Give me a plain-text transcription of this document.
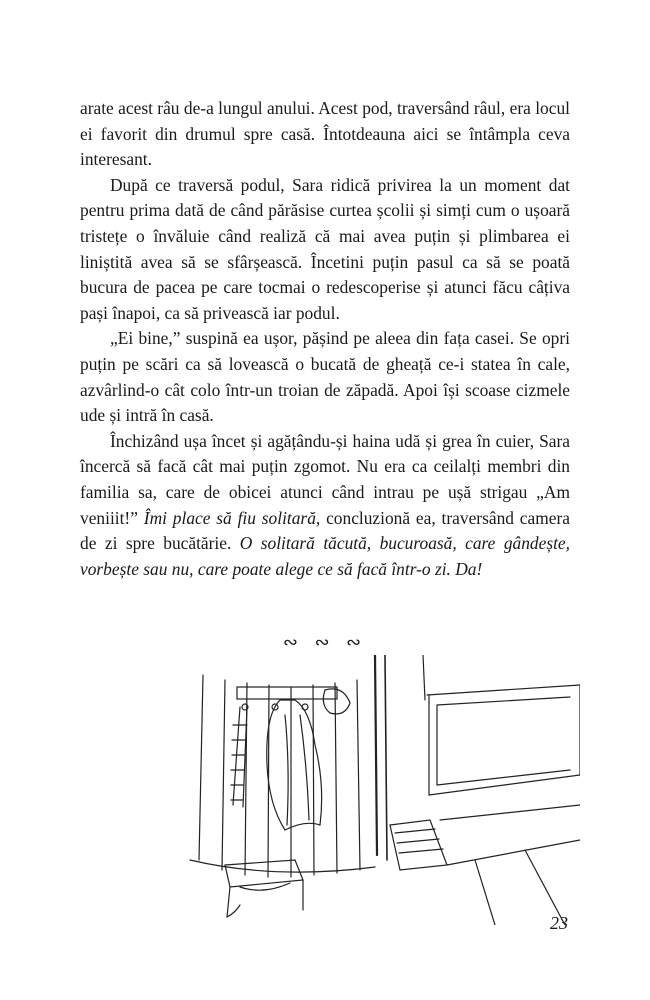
arate acest râu de-a lungul anului. Acest pod, traversând râul, era locul ei favorit din drumul spre casă. Întotdeauna aici se întâmpla ceva interesant.

După ce traversă podul, Sara ridică privirea la un moment dat pentru prima dată de când părăsise curtea școlii și simți cum o ușoară tristețe o învăluie când realiză că mai avea puțin și plimbarea ei liniștită avea să se sfârșească. Încetini puțin pasul ca să se poată bucura de pacea pe care tocmai o redescoperise și atunci făcu câțiva pași înapoi, ca să privească iar podul.

„Ei bine,” suspină ea ușor, pășind pe aleea din fața casei. Se opri puțin pe scări ca să lovească o bucată de gheață ce-i statea în cale, azvârlind-o cât colo într-un troian de zăpadă. Apoi își scoase cizmele ude și intră în casă.

Închizând ușa încet și agățându-și haina udă și grea în cuier, Sara încercă să facă cât mai puțin zgomot. Nu era ca ceilalți membri din familia sa, care de obicei atunci când intrau pe ușă strigau „Am veniiit!” Îmi place să fiu solitară, concluzionă ea, traversând camera de zi spre bucătărie. O solitară tăcută, bucuroasă, care gândește, vorbește sau nu, care poate alege ce să facă într-o zi. Da!

∾ ∾ ∾
23
